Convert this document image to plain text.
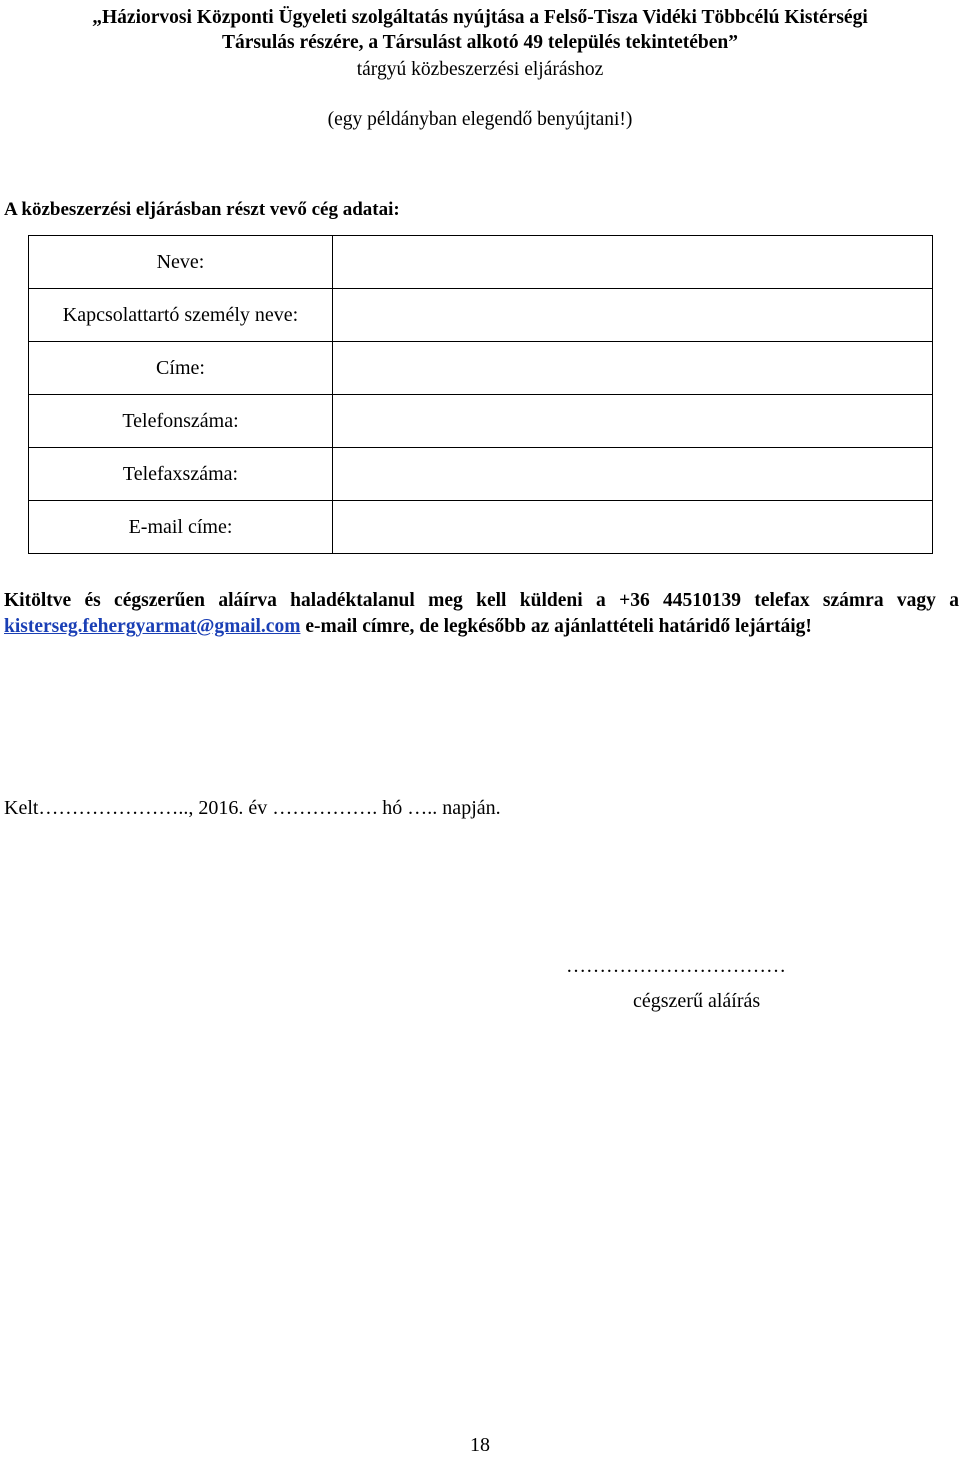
„Háziorvosi Központi Ügyeleti szolgáltatás nyújtása a Felső-Tisza Vidéki Többcélú Kistérségi
Társulás részére, a Társulást alkotó 49 település tekintetében”
tárgyú közbeszerzési eljáráshoz
(egy példányban elegendő benyújtani!)
A közbeszerzési eljárásban részt vevő cég adatai:
Neve:	
Kapcsolattartó személy neve:	
Címe:	
Telefonszáma:	
Telefaxszáma:	
E-mail címe:	
Kitöltve és cégszerűen aláírva haladéktalanul meg kell küldeni a +36 44510139 telefax számra vagy a kisterseg.fehergyarmat@gmail.com e-mail címre, de legkésőbb az ajánlattételi határidő lejártáig!
Kelt………………….., 2016. év ……………. hó ….. napján.
……………………………
cégszerű aláírás
18
